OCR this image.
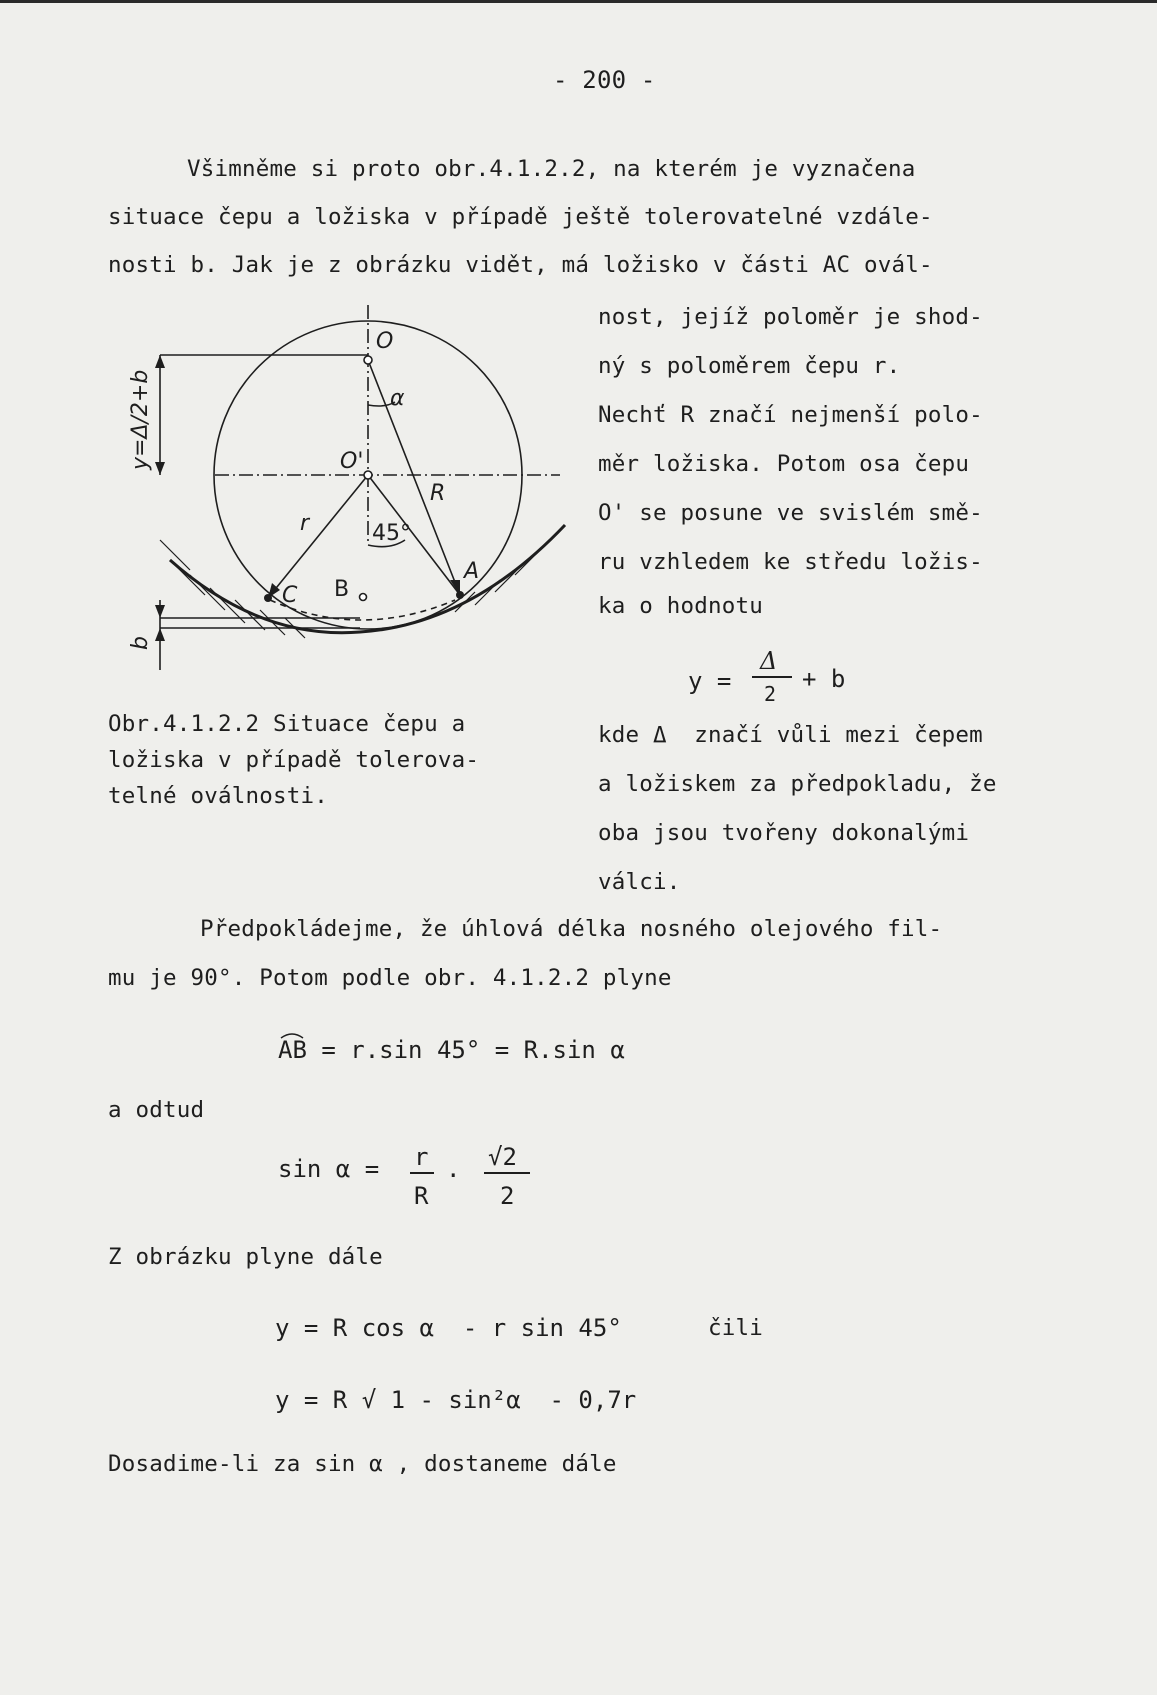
- 200 -
Všimněme si proto obr.4.1.2.2, na kterém je vyznačena
situace čepu a ložiska v případě ještě tolerovatelné vzdále-
nosti b. Jak je z obrázku vidět, má ložisko v části AC ovál-
nost, jejíž poloměr je shod-
ný s poloměrem čepu r.
Nechť R značí nejmenší polo-
měr ložiska. Potom osa čepu
O' se posune ve svislém smě-
ru vzhledem ke středu ložis-
ka o hodnotu
y =
Δ
2
+ b
kde Δ  značí vůli mezi čepem
a ložiskem za předpokladu, že
oba jsou tvořeny dokonalými
válci.
O
O'
α
R
r	45°
A
B
C
b
y=Δ/2+b
Obr.4.1.2.2 Situace čepu a
ložiska v případě tolerova-
telné oválnosti.
Předpokládejme, že úhlová délka nosného olejového fil-
mu je 90°. Potom podle obr. 4.1.2.2 plyne
AB = r.sin 45° = R.sin α
a odtud
sin α = r
R
. √2
2
Z obrázku plyne dále
y = R cos α  - r sin 45°	čili
y = R √ 1 - sin²α  - 0,7r
Dosadime-li za sin α , dostaneme dále
